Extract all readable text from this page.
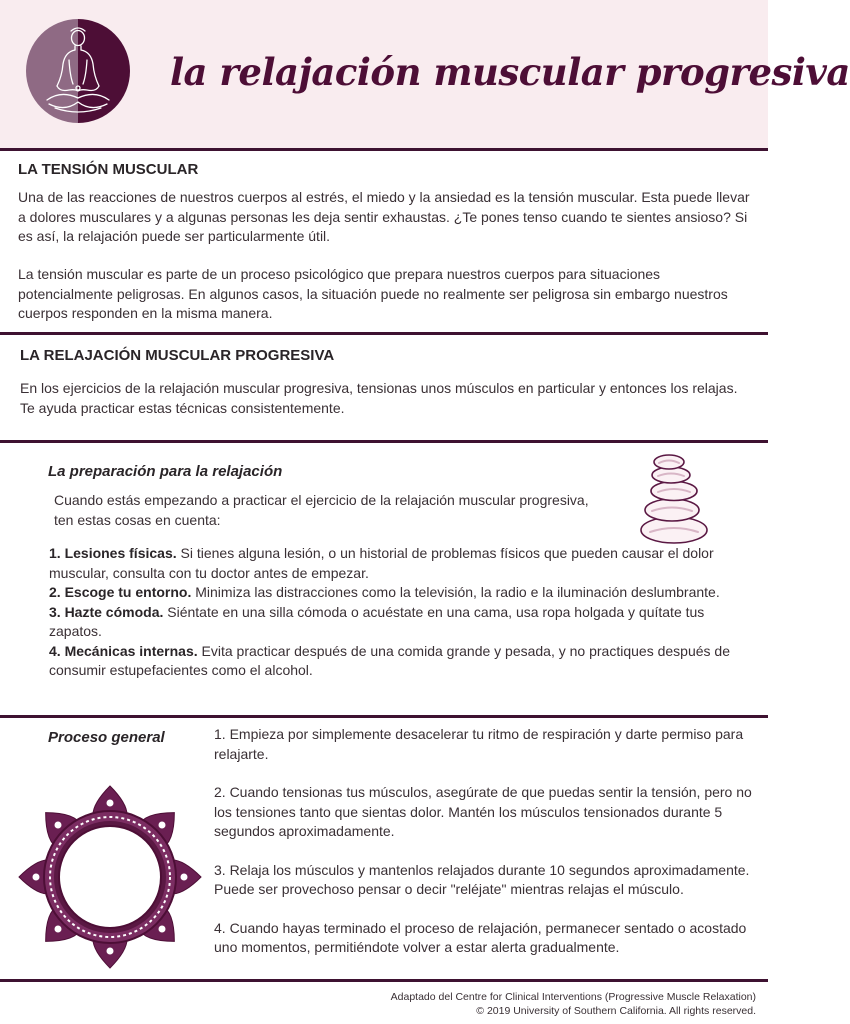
la relajación muscular progresiva
LA TENSIÓN MUSCULAR
Una de las reacciones de nuestros cuerpos al estrés, el miedo y la ansiedad es la tensión muscular. Esta puede llevar a dolores musculares y a algunas personas les deja sentir exhaustas. ¿Te pones tenso cuando te sientes ansioso? Si es así, la relajación puede ser particularmente útil.
La tensión muscular es parte de un proceso psicológico que prepara nuestros cuerpos para situaciones potencialmente peligrosas. En algunos casos, la situación puede no realmente ser peligrosa sin embargo nuestros cuerpos responden en la misma manera.
LA RELAJACIÓN MUSCULAR PROGRESIVA
En los ejercicios de la relajación muscular progresiva, tensionas unos músculos en particular y entonces los relajas. Te ayuda practicar estas técnicas consistentemente.
La preparación para la relajación
Cuando estás empezando a practicar el ejercicio de la relajación muscular progresiva, ten estas cosas en cuenta:

1. Lesiones físicas. Si tienes alguna lesión, o un historial de problemas físicos que pueden causar el dolor muscular, consulta con tu doctor antes de empezar.

2. Escoge tu entorno. Minimiza las distracciones como la televisión, la radio e la iluminación deslumbrante.

3. Hazte cómoda. Siéntate en una silla cómoda o acuéstate en una cama, usa ropa holgada y quítate tus zapatos.

4. Mecánicas internas. Evita practicar después de una comida grande y pesada, y no practiques después de consumir estupefacientes como el alcohol.

Proceso general	1. Empieza por simplemente desacelerar tu ritmo de respiración y darte permiso para relajarte.
2. Cuando tensionas tus músculos, asegúrate de que puedas sentir la tensión, pero no los tensiones tanto que sientas dolor. Mantén los músculos tensionados durante 5 segundos aproximadamente.
3. Relaja los músculos y mantenlos relajados durante 10 segundos aproximadamente. Puede ser provechoso pensar o decir "reléjate" mientras relajas el músculo.
4. Cuando hayas terminado el proceso de relajación, permanecer sentado o acostado uno momentos, permitiéndote volver a estar alerta gradualmente.
Adaptado del Centre for Clinical Interventions (Progressive Muscle Relaxation)
© 2019 University of Southern California. All rights reserved.
